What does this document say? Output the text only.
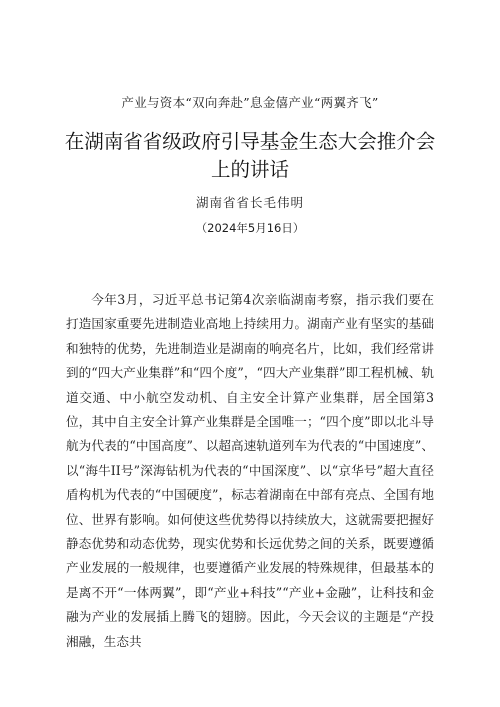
产业与资本“双向奔赴”息金僖产业“两翼齐飞”
在湖南省省级政府引导基金生态大会推介会上的讲话
湖南省省长毛伟明
（2024年5月16日）

今年3月，习近平总书记第4次亲临湖南考察，指示我们要在打造国家重要先进制造业高地上持续用力。湖南产业有坚实的基础和独特的优势，先进制造业是湖南的响亮名片，比如，我们经常讲到的“四大产业集群”和“四个度”，“四大产业集群”即工程机械、轨道交通、中小航空发动机、自主安全计算产业集群，居全国第3位，其中自主安全计算产业集群是全国唯一；“四个度”即以北斗导航为代表的“中国高度”、以超高速轨道列车为代表的“中国速度”、以“海牛II号”深海钻机为代表的“中国深度”、以“京华号”超大直径盾构机为代表的“中国硬度”，标志着湖南在中部有亮点、全国有地位、世界有影响。如何使这些优势得以持续放大，这就需要把握好静态优势和动态优势，现实优势和长远优势之间的关系，既要遵循产业发展的一般规律，也要遵循产业发展的特殊规律，但最基本的是离不开“一体两翼”，即“产业+科技”“产业+金融”，让科技和金融为产业的发展插上腾飞的翅膀。因此，今天会议的主题是“产投湘融，生态共
